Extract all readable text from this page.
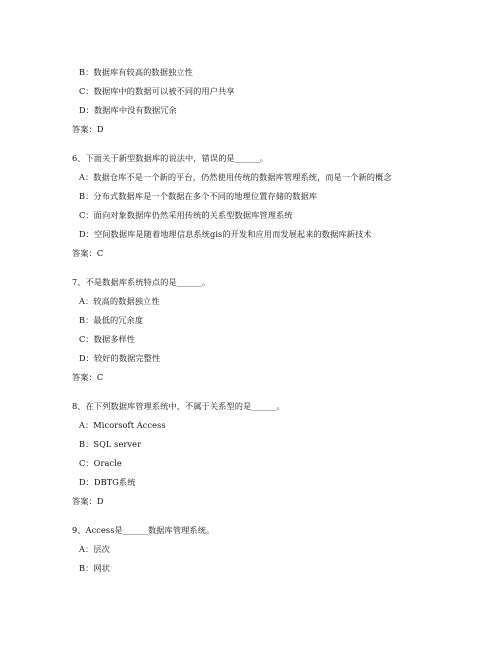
B：数据库有较高的数据独立性
C：数据库中的数据可以被不同的用户共享
D：数据库中没有数据冗余
答案：D
6、下面关于新型数据库的说法中，错误的是______。
A：数据仓库不是一个新的平台，仍然使用传统的数据库管理系统，而是一个新的概念
B：分布式数据库是一个数据在多个不同的地理位置存储的数据库
C：面向对象数据库仍然采用传统的关系型数据库管理系统
D：空间数据库是随着地理信息系统gis的开发和应用而发展起来的数据库新技术
答案：C
7、不是数据库系统特点的是______。
A：较高的数据独立性
B：最低的冗余度
C：数据多样性
D：较好的数据完整性
答案：C
8、在下列数据库管理系统中，不属于关系型的是______。
A：Micorsoft Access
B：SQL server
C：Oracle
D：DBTG系统
答案：D
9、Access是______数据库管理系统。
A：层次
B：网状
